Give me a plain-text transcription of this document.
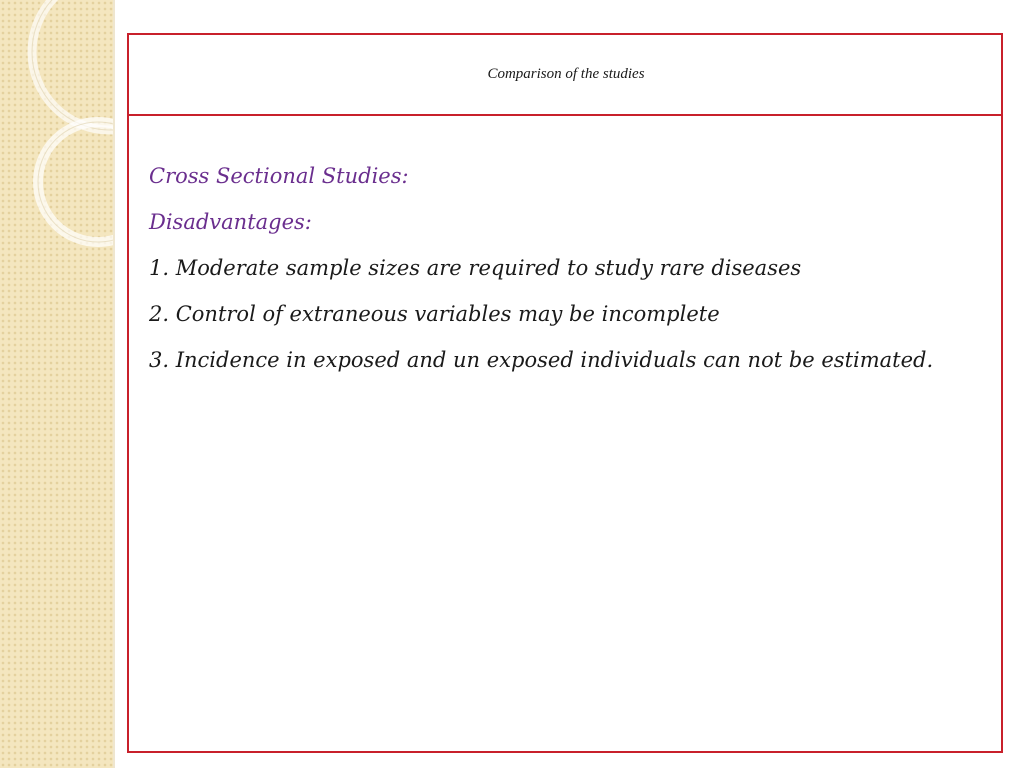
Comparison of the studies
Cross Sectional Studies:
Disadvantages:
1. Moderate sample sizes are required to study rare diseases
2. Control of extraneous variables may be incomplete
3. Incidence in exposed and un exposed individuals can not be estimated.
